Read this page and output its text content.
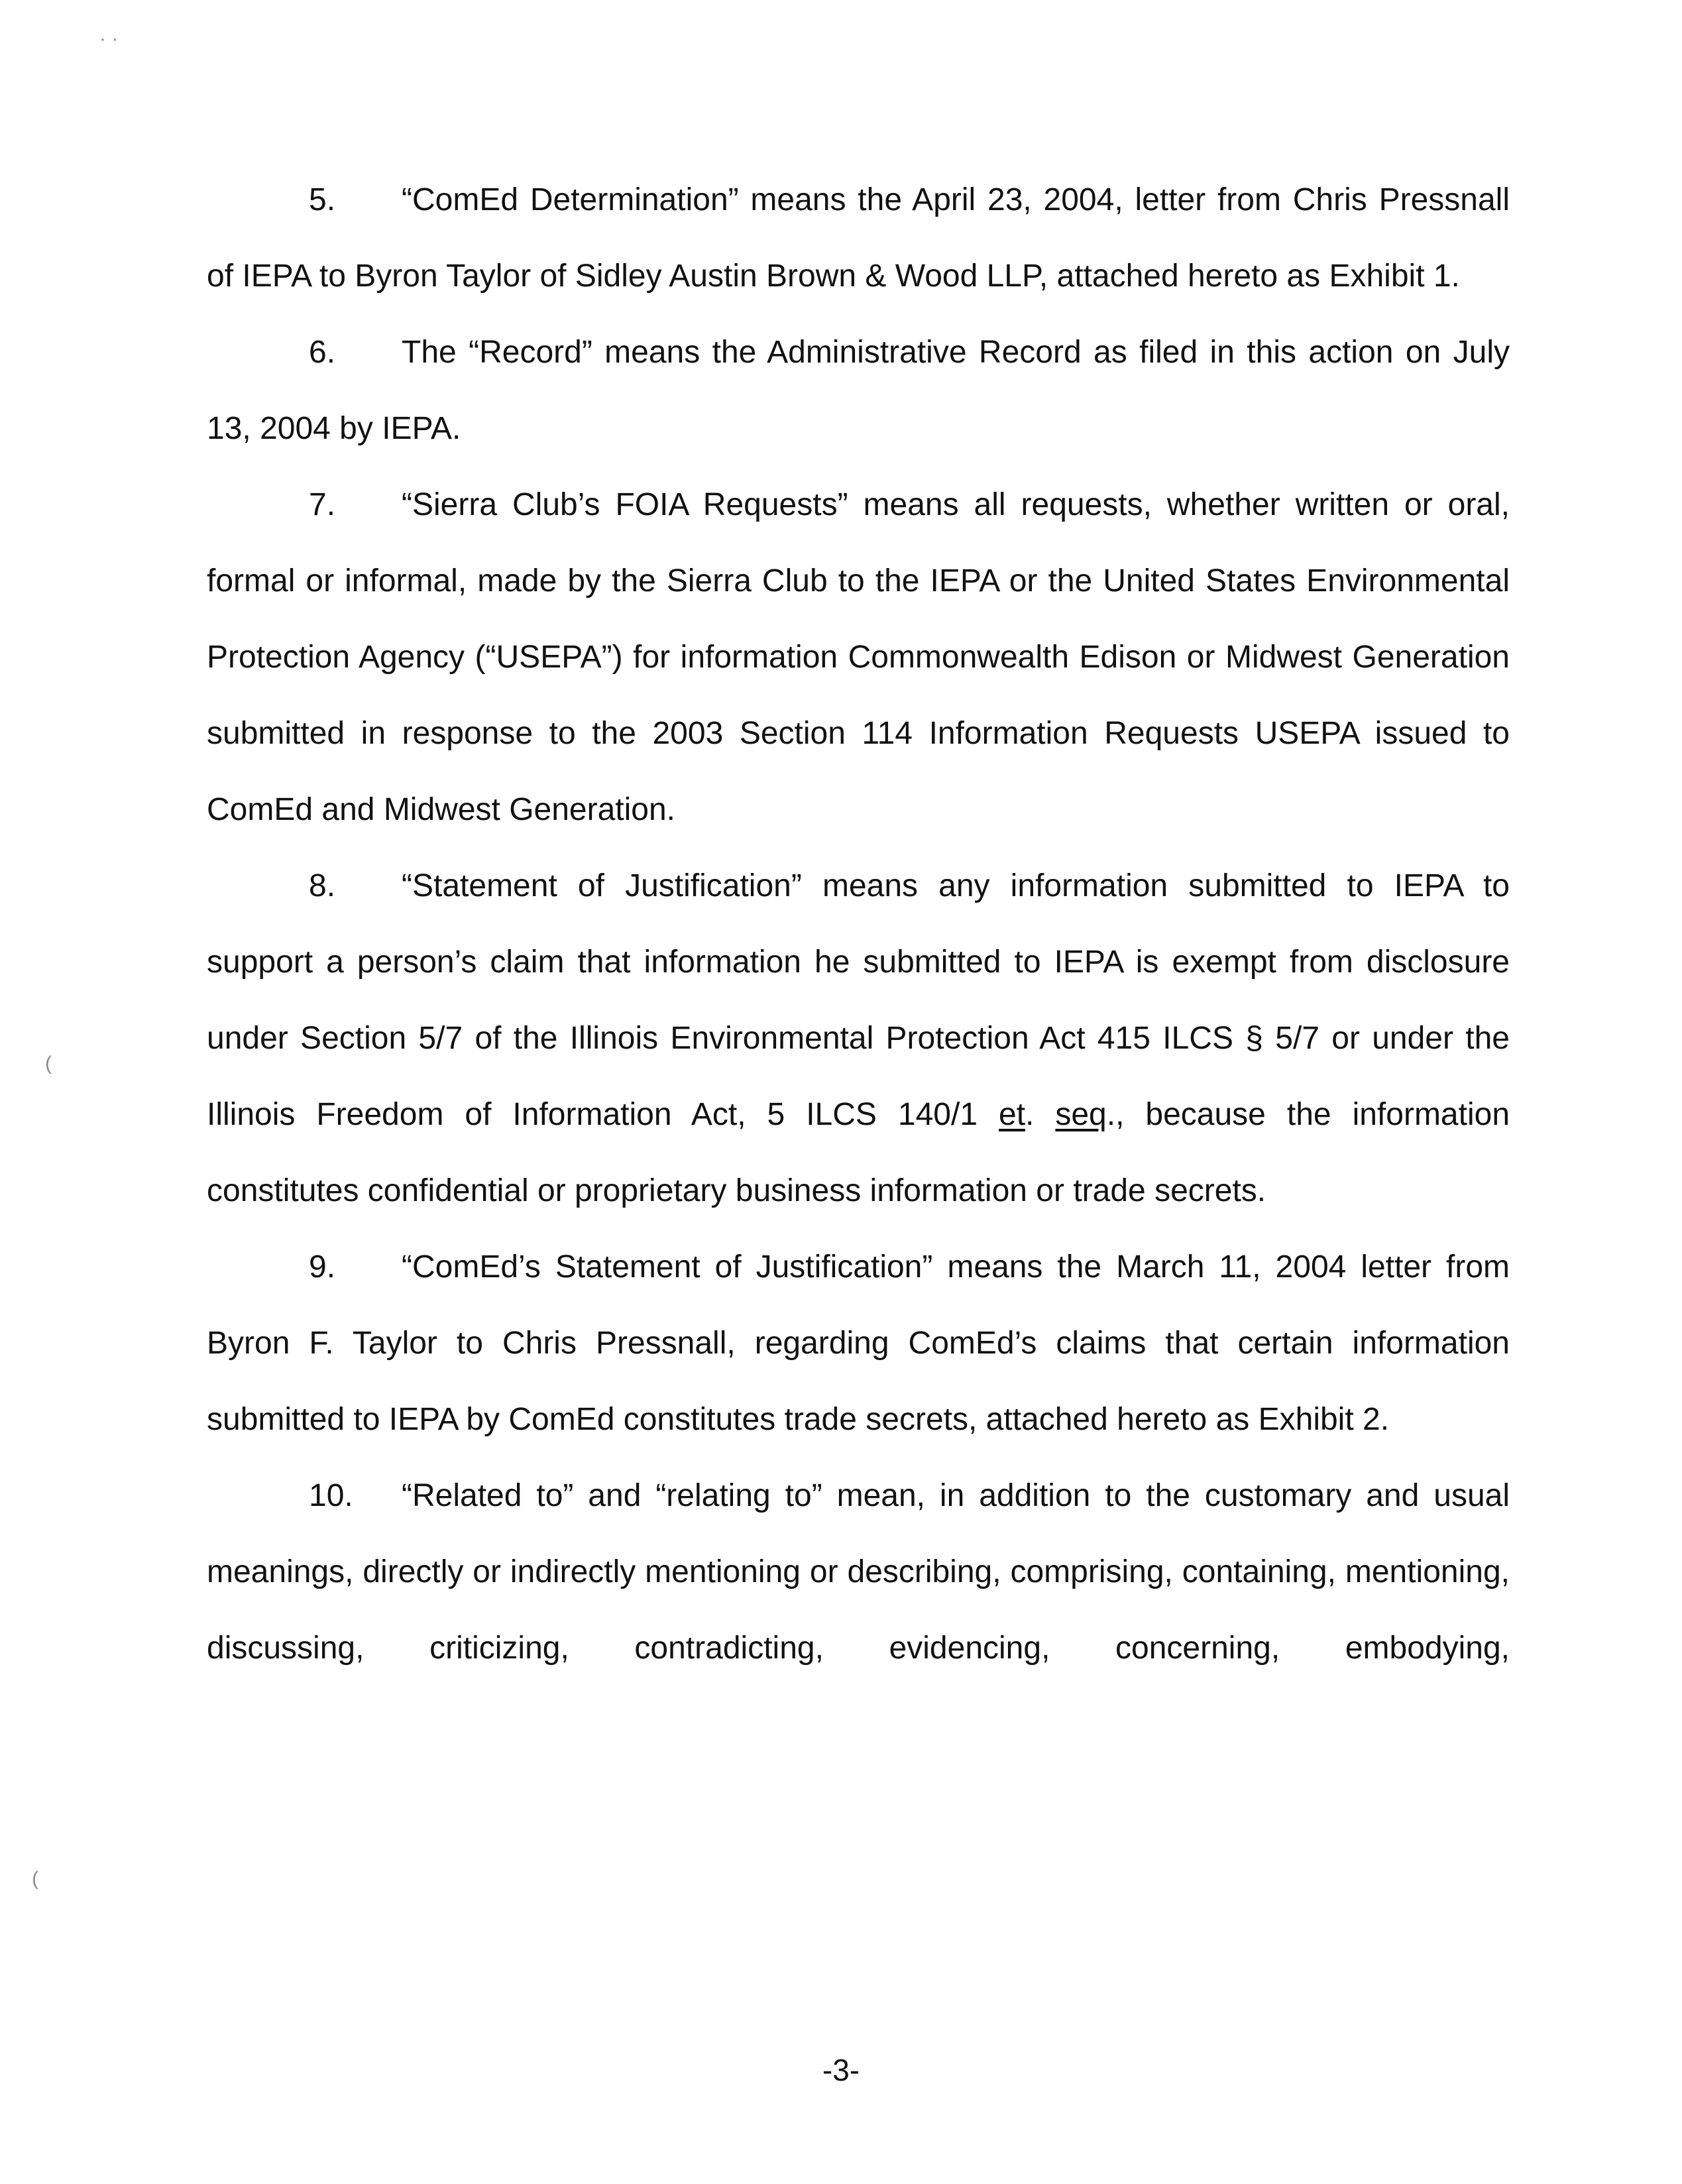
· ·
(
(

5. “ComEd Determination” means the April 23, 2004, letter from Chris Pressnall of IEPA to Byron Taylor of Sidley Austin Brown & Wood LLP, attached hereto as Exhibit 1.

6. The “Record” means the Administrative Record as filed in this action on July 13, 2004 by IEPA.

7. “Sierra Club’s FOIA Requests” means all requests, whether written or oral, formal or informal, made by the Sierra Club to the IEPA or the United States Environmental Protection Agency (“USEPA”) for information Commonwealth Edison or Midwest Generation submitted in response to the 2003 Section 114 Information Requests USEPA issued to ComEd and Midwest Generation.

8. “Statement of Justification” means any information submitted to IEPA to support a person’s claim that information he submitted to IEPA is exempt from disclosure under Section 5/7 of the Illinois Environmental Protection Act 415 ILCS § 5/7 or under the Illinois Freedom of Information Act, 5 ILCS 140/1 et. seq., because the information constitutes confidential or proprietary business information or trade secrets.

9. “ComEd’s Statement of Justification” means the March 11, 2004 letter from Byron F. Taylor to Chris Pressnall, regarding ComEd’s claims that certain information submitted to IEPA by ComEd constitutes trade secrets, attached hereto as Exhibit 2.

10. “Related to” and “relating to” mean, in addition to the customary and usual meanings, directly or indirectly mentioning or describing, comprising, containing, mentioning, discussing, criticizing, contradicting, evidencing, concerning, embodying,

-3-
